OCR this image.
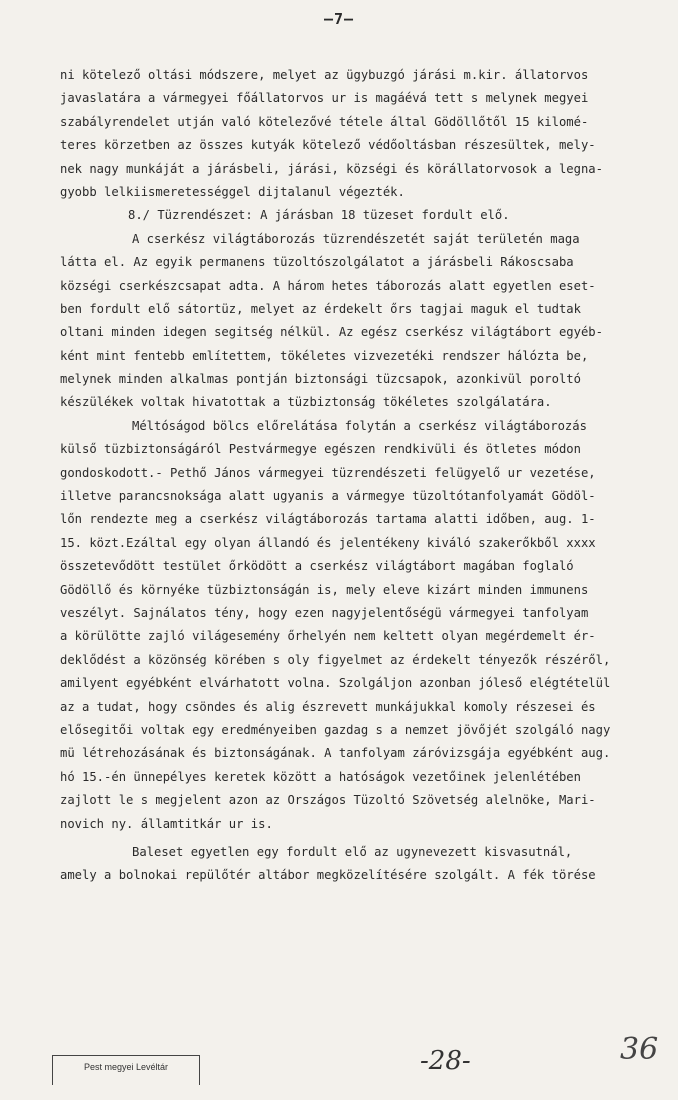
—7—
ni kötelező oltási módszere, melyet az ügybuzgó járási m.kir. állatorvos
javaslatára a vármegyei főállatorvos ur is magáévá tett s melynek megyei
szabályrendelet utján való kötelezővé tétele által Gödöllőtől 15 kilomé-
teres körzetben az összes kutyák kötelező védőoltásban részesültek, mely-
nek nagy munkáját a járásbeli, járási, községi és körállatorvosok a legna-
gyobb lelkiismeretességgel dijtalanul végezték.
8./ Tüzrendészet: A járásban 18 tüzeset fordult elő.
A cserkész világtáborozás tüzrendészetét saját területén maga
látta el. Az egyik permanens tüzoltószolgálatot a járásbeli Rákoscsaba
községi cserkészcsapat adta. A három hetes táborozás alatt egyetlen eset-
ben fordult elő sátortüz, melyet az érdekelt őrs tagjai maguk el tudtak
oltani minden idegen segitség nélkül. Az egész cserkész világtábort egyéb-
ként mint fentebb említettem, tökéletes vizvezetéki rendszer hálózta be,
melynek minden alkalmas pontján biztonsági tüzcsapok, azonkivül poroltó
készülékek voltak hivatottak a tüzbiztonság tökéletes szolgálatára.
Méltóságod bölcs előrelátása folytán a cserkész világtáborozás
külső tüzbiztonságáról Pestvármegye egészen rendkivüli és ötletes módon
gondoskodott.- Pethő János vármegyei tüzrendészeti felügyelő ur vezetése,
illetve parancsnoksága alatt ugyanis a vármegye tüzoltótanfolyamát Gödöl-
lőn rendezte meg a cserkész világtáborozás tartama alatti időben, aug. 1-
15. közt.Ezáltal egy olyan állandó és jelentékeny kiváló szakerőkből xxxx
összetevődött testület őrködött a cserkész világtábort magában foglaló
Gödöllő és környéke tüzbiztonságán is, mely eleve kizárt minden immunens
veszélyt. Sajnálatos tény, hogy ezen nagyjelentőségü vármegyei tanfolyam
a körülötte zajló világesemény őrhelyén nem keltett olyan megérdemelt ér-
deklődést a közönség körében s oly figyelmet az érdekelt tényezők részéről,
amilyent egyébként elvárhatott volna. Szolgáljon azonban jóleső elégtételül
az a tudat, hogy csöndes és alig észrevett munkájukkal komoly részesei és
elősegitői voltak egy eredményeiben gazdag s a nemzet jövőjét szolgáló nagy
mü létrehozásának és biztonságának. A tanfolyam záróvizsgája egyébként aug.
hó 15.-én ünnepélyes keretek között a hatóságok vezetőinek jelenlétében
zajlott le s megjelent azon az Országos Tüzoltó Szövetség alelnöke, Mari-
novich ny. államtitkár ur is.
Baleset egyetlen egy fordult elő az ugynevezett kisvasutnál,
amely a bolnokai repülőtér altábor megközelítésére szolgált. A fék törése
Pest megyei Levéltár	-28-	36
